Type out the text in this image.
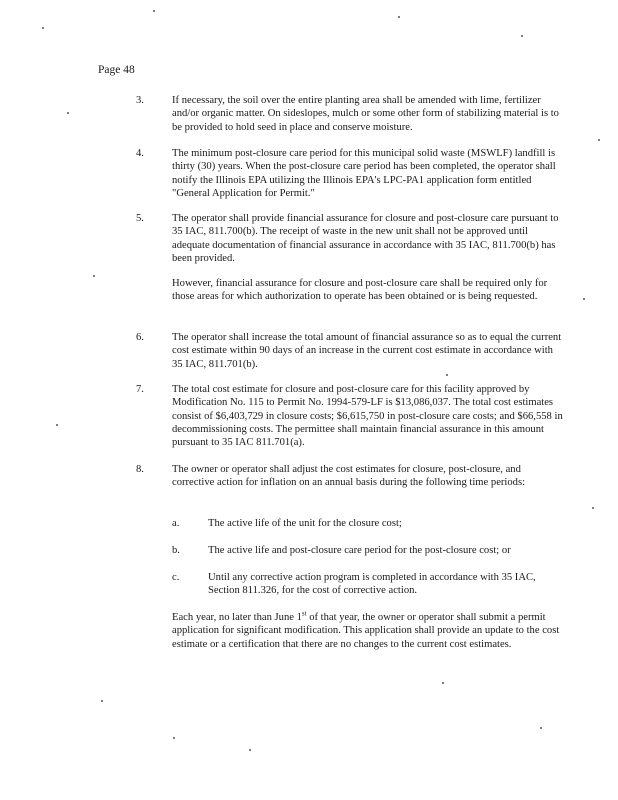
Page 48
3.	If necessary, the soil over the entire planting area shall be amended with lime, fertilizer and/or organic matter. On sideslopes, mulch or some other form of stabilizing material is to be provided to hold seed in place and conserve moisture.
4.	The minimum post-closure care period for this municipal solid waste (MSWLF) landfill is thirty (30) years. When the post-closure care period has been completed, the operator shall notify the Illinois EPA utilizing the Illinois EPA's LPC-PA1 application form entitled "General Application for Permit."
5.	The operator shall provide financial assurance for closure and post-closure care pursuant to 35 IAC, 811.700(b). The receipt of waste in the new unit shall not be approved until adequate documentation of financial assurance in accordance with 35 IAC, 811.700(b) has been provided.
However, financial assurance for closure and post-closure care shall be required only for those areas for which authorization to operate has been obtained or is being requested.
6.	The operator shall increase the total amount of financial assurance so as to equal the current cost estimate within 90 days of an increase in the current cost estimate in accordance with 35 IAC, 811.701(b).
7.	The total cost estimate for closure and post-closure care for this facility approved by Modification No. 115 to Permit No. 1994-579-LF is $13,086,037. The total cost estimates consist of $6,403,729 in closure costs; $6,615,750 in post-closure care costs; and $66,558 in decommissioning costs. The permittee shall maintain financial assurance in this amount pursuant to 35 IAC 811.701(a).
8.	The owner or operator shall adjust the cost estimates for closure, post-closure, and corrective action for inflation on an annual basis during the following time periods:
a.	The active life of the unit for the closure cost;
b.	The active life and post-closure care period for the post-closure cost; or
c.	Until any corrective action program is completed in accordance with 35 IAC, Section 811.326, for the cost of corrective action.
Each year, no later than June 1st of that year, the owner or operator shall submit a permit application for significant modification. This application shall provide an update to the cost estimate or a certification that there are no changes to the current cost estimates.
